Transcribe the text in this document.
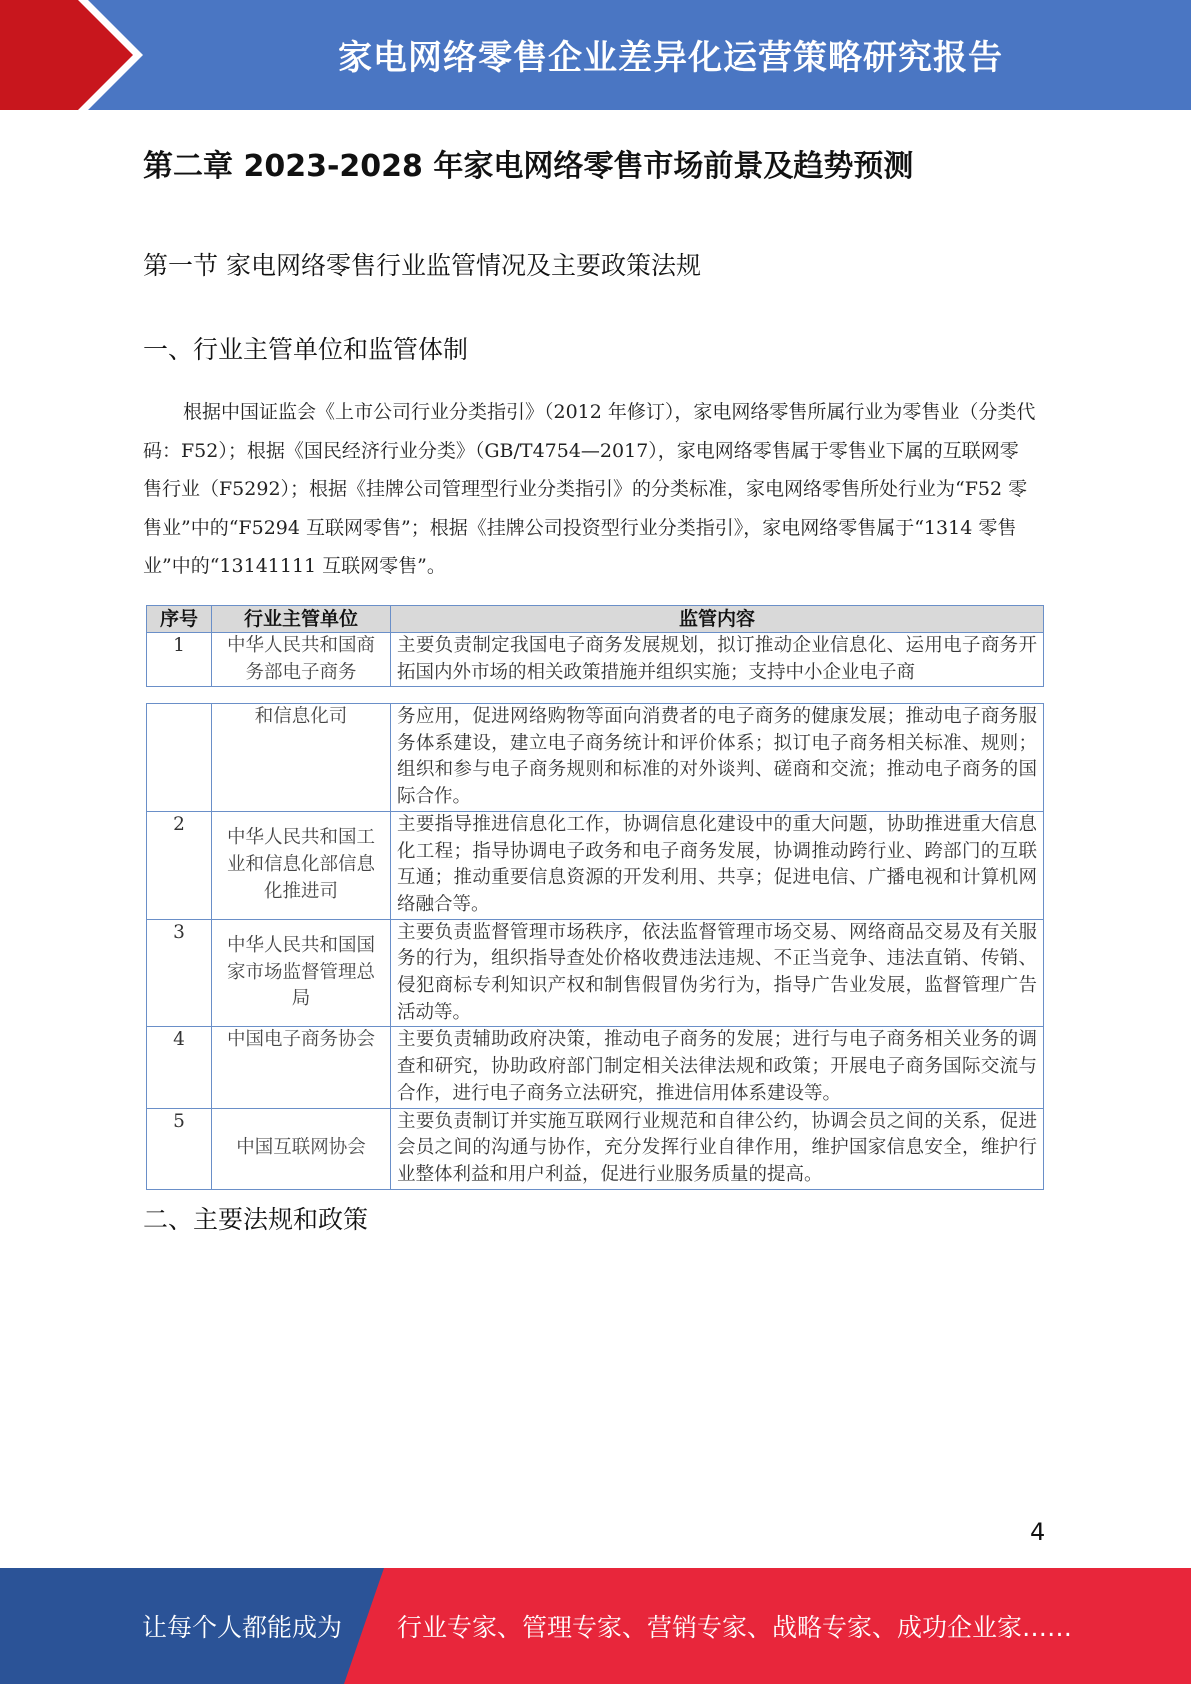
家电网络零售企业差异化运营策略研究报告
第二章 2023-2028 年家电网络零售市场前景及趋势预测
第一节 家电网络零售行业监管情况及主要政策法规
一、行业主管单位和监管体制

根据中国证监会《上市公司行业分类指引》（2012 年修订），家电网络零售所属行业为零售业（分类代码：F52）；根据《国民经济行业分类》（GB/T4754—2017），家电网络零售属于零售业下属的互联网零售行业（F5292）；根据《挂牌公司管理型行业分类指引》的分类标准，家电网络零售所处行业为“F52 零售业”中的“F5294 互联网零售”；根据《挂牌公司投资型行业分类指引》，家电网络零售属于“1314 零售业”中的“13141111 互联网零售”。

序号	行业主管单位	监管内容
1	中华人民共和国商务部电子商务	主要负责制定我国电子商务发展规划，拟订推动企业信息化、运用电子商务开拓国内外市场的相关政策措施并组织实施；支持中小企业电子商
	和信息化司	务应用，促进网络购物等面向消费者的电子商务的健康发展；推动电子商务服务体系建设，建立电子商务统计和评价体系；拟订电子商务相关标准、规则；组织和参与电子商务规则和标准的对外谈判、磋商和交流；推动电子商务的国际合作。
2	中华人民共和国工业和信息化部信息化推进司	主要指导推进信息化工作，协调信息化建设中的重大问题，协助推进重大信息化工程；指导协调电子政务和电子商务发展，协调推动跨行业、跨部门的互联互通；推动重要信息资源的开发利用、共享；促进电信、广播电视和计算机网络融合等。
3	中华人民共和国国家市场监督管理总局	主要负责监督管理市场秩序，依法监督管理市场交易、网络商品交易及有关服务的行为，组织指导查处价格收费违法违规、不正当竞争、违法直销、传销、侵犯商标专利知识产权和制售假冒伪劣行为，指导广告业发展，监督管理广告活动等。
4	中国电子商务协会	主要负责辅助政府决策，推动电子商务的发展；进行与电子商务相关业务的调查和研究，协助政府部门制定相关法律法规和政策；开展电子商务国际交流与合作，进行电子商务立法研究，推进信用体系建设等。
5	中国互联网协会	主要负责制订并实施互联网行业规范和自律公约，协调会员之间的关系，促进会员之间的沟通与协作，充分发挥行业自律作用，维护国家信息安全，维护行业整体利益和用户利益，促进行业服务质量的提高。
二、主要法规和政策
4
让每个人都能成为 行业专家、管理专家、营销专家、战略专家、成功企业家……
